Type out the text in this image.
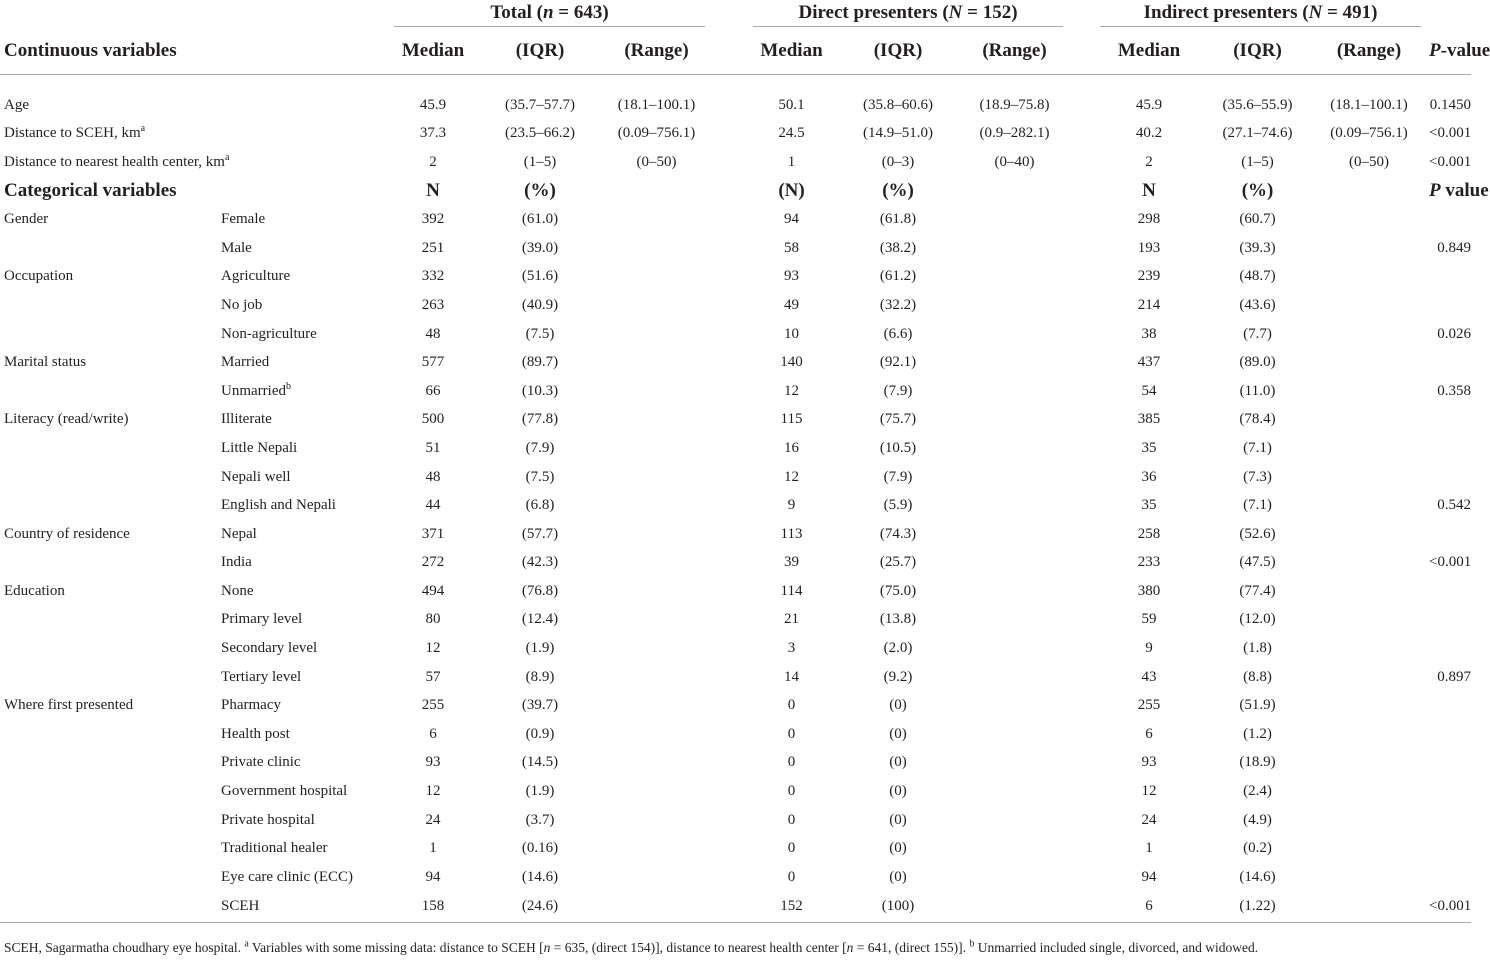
		Total (n = 643)				Direct presenters (N = 152)				Indirect presenters (N = 491)			

Continuous variables		Median	(IQR)	(Range)		Median	(IQR)	(Range)		Median	(IQR)	(Range)	P-value
Age		45.9	(35.7–57.7)	(18.1–100.1)		50.1	(35.8–60.6)	(18.9–75.8)		45.9	(35.6–55.9)	(18.1–100.1)	0.1450
Distance to SCEH, $km^a$		37.3	(23.5–66.2)	(0.09–756.1)		24.5	(14.9–51.0)	(0.9–282.1)		40.2	(27.1–74.6)	(0.09–756.1)	<0.001
Distance to nearest health center, $km^a$		2	(1–5)	(0–50)		1	(0–3)	(0–40)		2	(1–5)	(0–50)	<0.001
Categorical variables		N	(%)			(N)	(%)			N	(%)		P value
Gender	Female	392	(61.0)			94	(61.8)			298	(60.7)		
	Male	251	(39.0)			58	(38.2)			193	(39.3)		0.849
Occupation	Agriculture	332	(51.6)			93	(61.2)			239	(48.7)		
	No job	263	(40.9)			49	(32.2)			214	(43.6)		
	Non-agriculture	48	(7.5)			10	(6.6)			38	(7.7)		0.026
Marital status	Married	577	(89.7)			140	(92.1)			437	(89.0)		
	Unmarried$^b$	66	(10.3)			12	(7.9)			54	(11.0)		0.358
Literacy (read/write)	Illiterate	500	(77.8)			115	(75.7)			385	(78.4)		
	Little Nepali	51	(7.9)			16	(10.5)			35	(7.1)		
	Nepali well	48	(7.5)			12	(7.9)			36	(7.3)		
	English and Nepali	44	(6.8)			9	(5.9)			35	(7.1)		0.542
Country of residence	Nepal	371	(57.7)			113	(74.3)			258	(52.6)		
	India	272	(42.3)			39	(25.7)			233	(47.5)		<0.001
Education	None	494	(76.8)			114	(75.0)			380	(77.4)		
	Primary level	80	(12.4)			21	(13.8)			59	(12.0)		
	Secondary level	12	(1.9)			3	(2.0)			9	(1.8)		
	Tertiary level	57	(8.9)			14	(9.2)			43	(8.8)		0.897
Where first presented	Pharmacy	255	(39.7)			0	(0)			255	(51.9)		
	Health post	6	(0.9)			0	(0)			6	(1.2)		
	Private clinic	93	(14.5)			0	(0)			93	(18.9)		
	Government hospital	12	(1.9)			0	(0)			12	(2.4)		
	Private hospital	24	(3.7)			0	(0)			24	(4.9)		
	Traditional healer	1	(0.16)			0	(0)			1	(0.2)		
	Eye care clinic (ECC)	94	(14.6)			0	(0)			94	(14.6)		
	SCEH	158	(24.6)			152	(100)			6	(1.22)		<0.001
SCEH, Sagarmatha choudhary eye hospital. $^a$ Variables with some missing data: distance to SCEH [n = 635, (direct 154)], distance to nearest health center [n = 641, (direct 155)]. $^b$ Unmarried included single, divorced, and widowed.
